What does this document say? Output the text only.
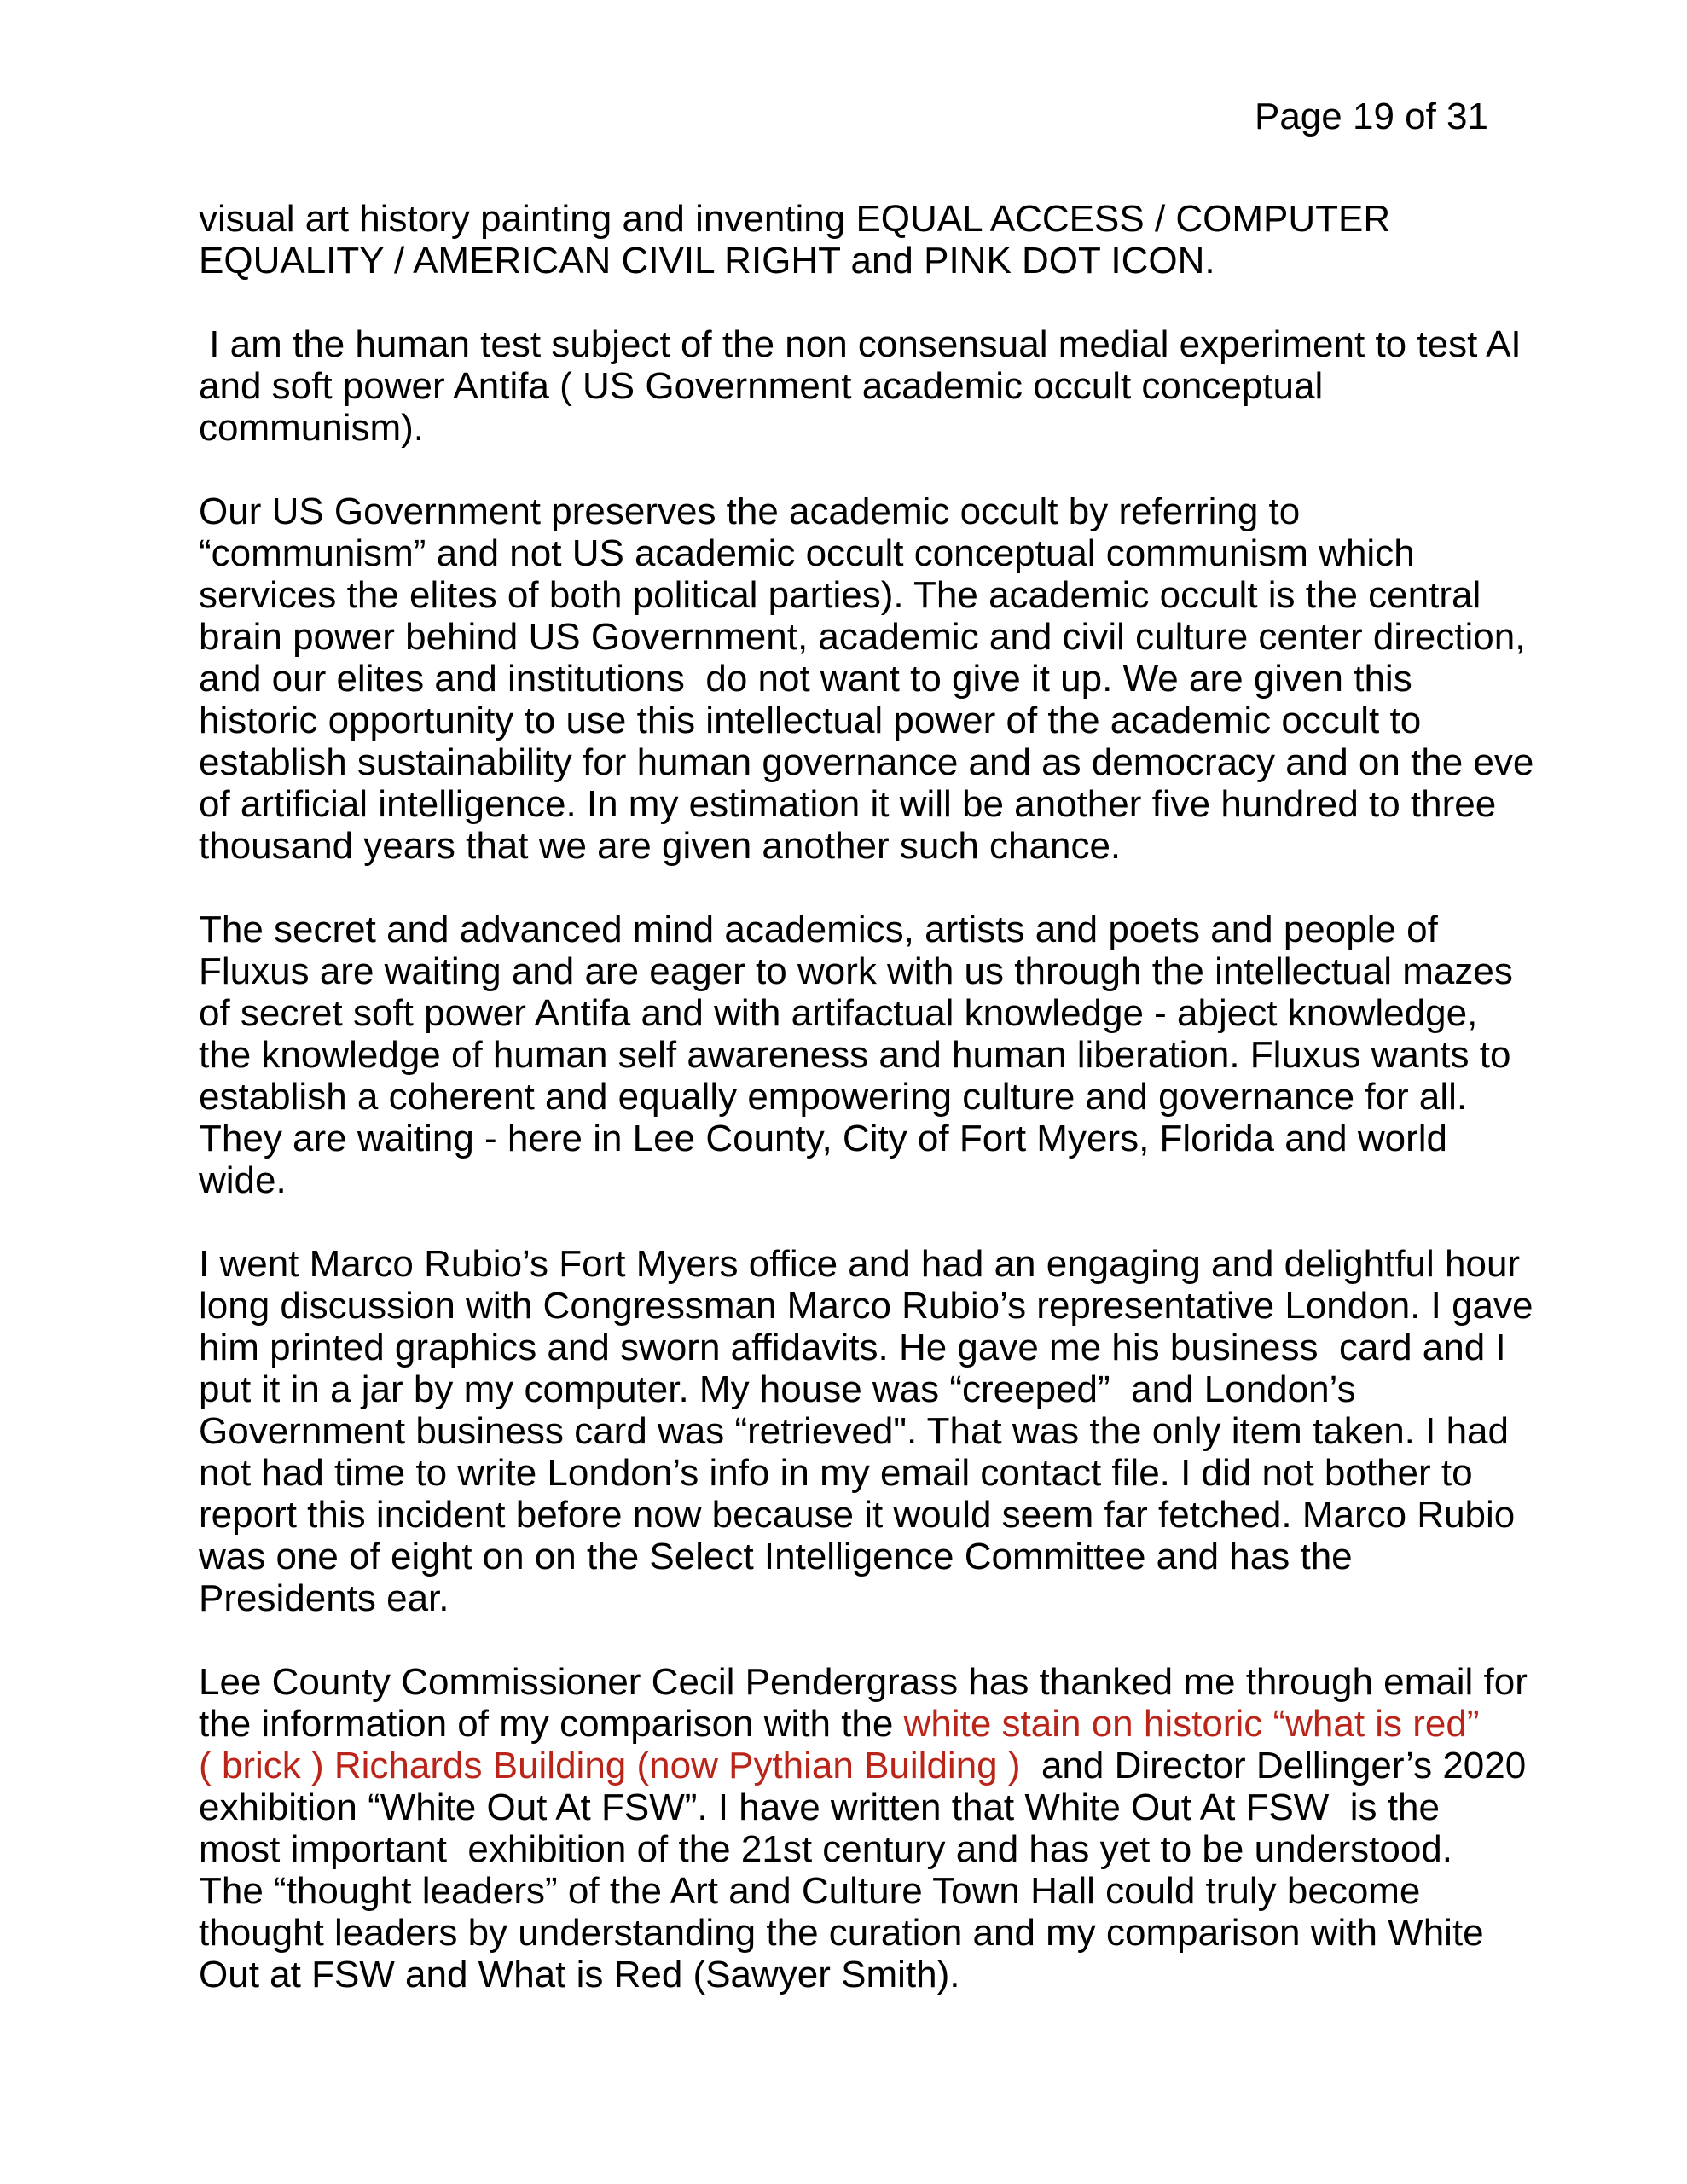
Page 19 of 31

visual art history painting and inventing EQUAL ACCESS / COMPUTER
EQUALITY / AMERICAN CIVIL RIGHT and PINK DOT ICON.

I am the human test subject of the non consensual medial experiment to test AI
and soft power Antifa ( US Government academic occult conceptual
communism).

Our US Government preserves the academic occult by referring to
“communism” and not US academic occult conceptual communism which
services the elites of both political parties). The academic occult is the central
brain power behind US Government, academic and civil culture center direction,
and our elites and institutions  do not want to give it up. We are given this
historic opportunity to use this intellectual power of the academic occult to
establish sustainability for human governance and as democracy and on the eve
of artificial intelligence. In my estimation it will be another five hundred to three
thousand years that we are given another such chance.

The secret and advanced mind academics, artists and poets and people of
Fluxus are waiting and are eager to work with us through the intellectual mazes
of secret soft power Antifa and with artifactual knowledge - abject knowledge,
the knowledge of human self awareness and human liberation. Fluxus wants to
establish a coherent and equally empowering culture and governance for all.
They are waiting - here in Lee County, City of Fort Myers, Florida and world
wide.

I went Marco Rubio’s Fort Myers office and had an engaging and delightful hour
long discussion with Congressman Marco Rubio’s representative London. I gave
him printed graphics and sworn affidavits. He gave me his business  card and I
put it in a jar by my computer. My house was “creeped”  and London’s
Government business card was “retrieved". That was the only item taken. I had
not had time to write London’s info in my email contact file. I did not bother to
report this incident before now because it would seem far fetched. Marco Rubio
was one of eight on on the Select Intelligence Committee and has the
Presidents ear.

Lee County Commissioner Cecil Pendergrass has thanked me through email for
the information of my comparison with the white stain on historic “what is red”
( brick ) Richards Building (now Pythian Building )  and Director Dellinger’s 2020
exhibition “White Out At FSW”. I have written that White Out At FSW  is the
most important  exhibition of the 21st century and has yet to be understood.
The “thought leaders” of the Art and Culture Town Hall could truly become
thought leaders by understanding the curation and my comparison with White
Out at FSW and What is Red (Sawyer Smith).
